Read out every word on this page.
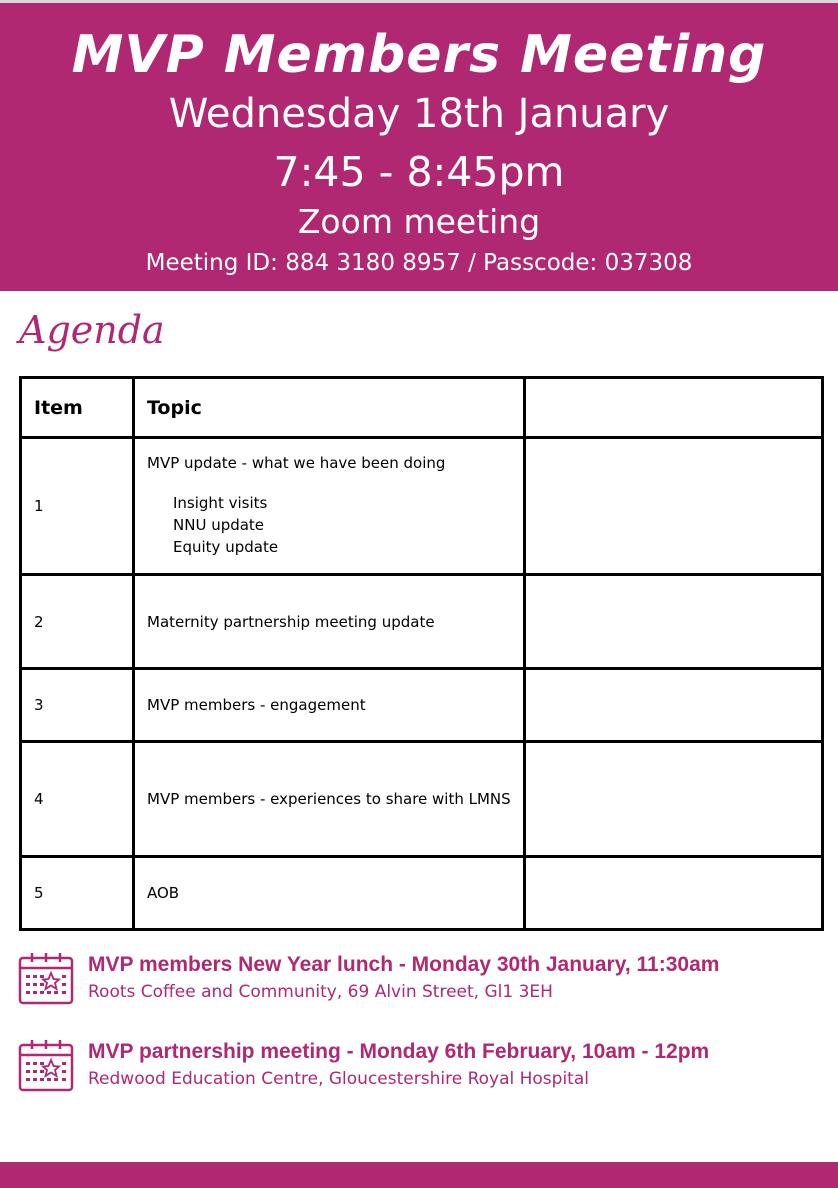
MVP Members Meeting
Wednesday 18th January
7:45 - 8:45pm
Zoom meeting
Meeting ID: 884 3180 8957 / Passcode: 037308
Agenda
Item	Topic	
1	MVP update - what we have been doing
Insight visits
NNU update
Equity update	

2	Maternity partnership meeting update	
3	MVP members - engagement	
4	MVP members - experiences to share with LMNS	
5	AOB	
MVP members New Year lunch - Monday 30th January, 11:30am
Roots Coffee and Community, 69 Alvin Street, Gl1 3EH
MVP partnership meeting - Monday 6th February, 10am - 12pm
Redwood Education Centre, Gloucestershire Royal Hospital
